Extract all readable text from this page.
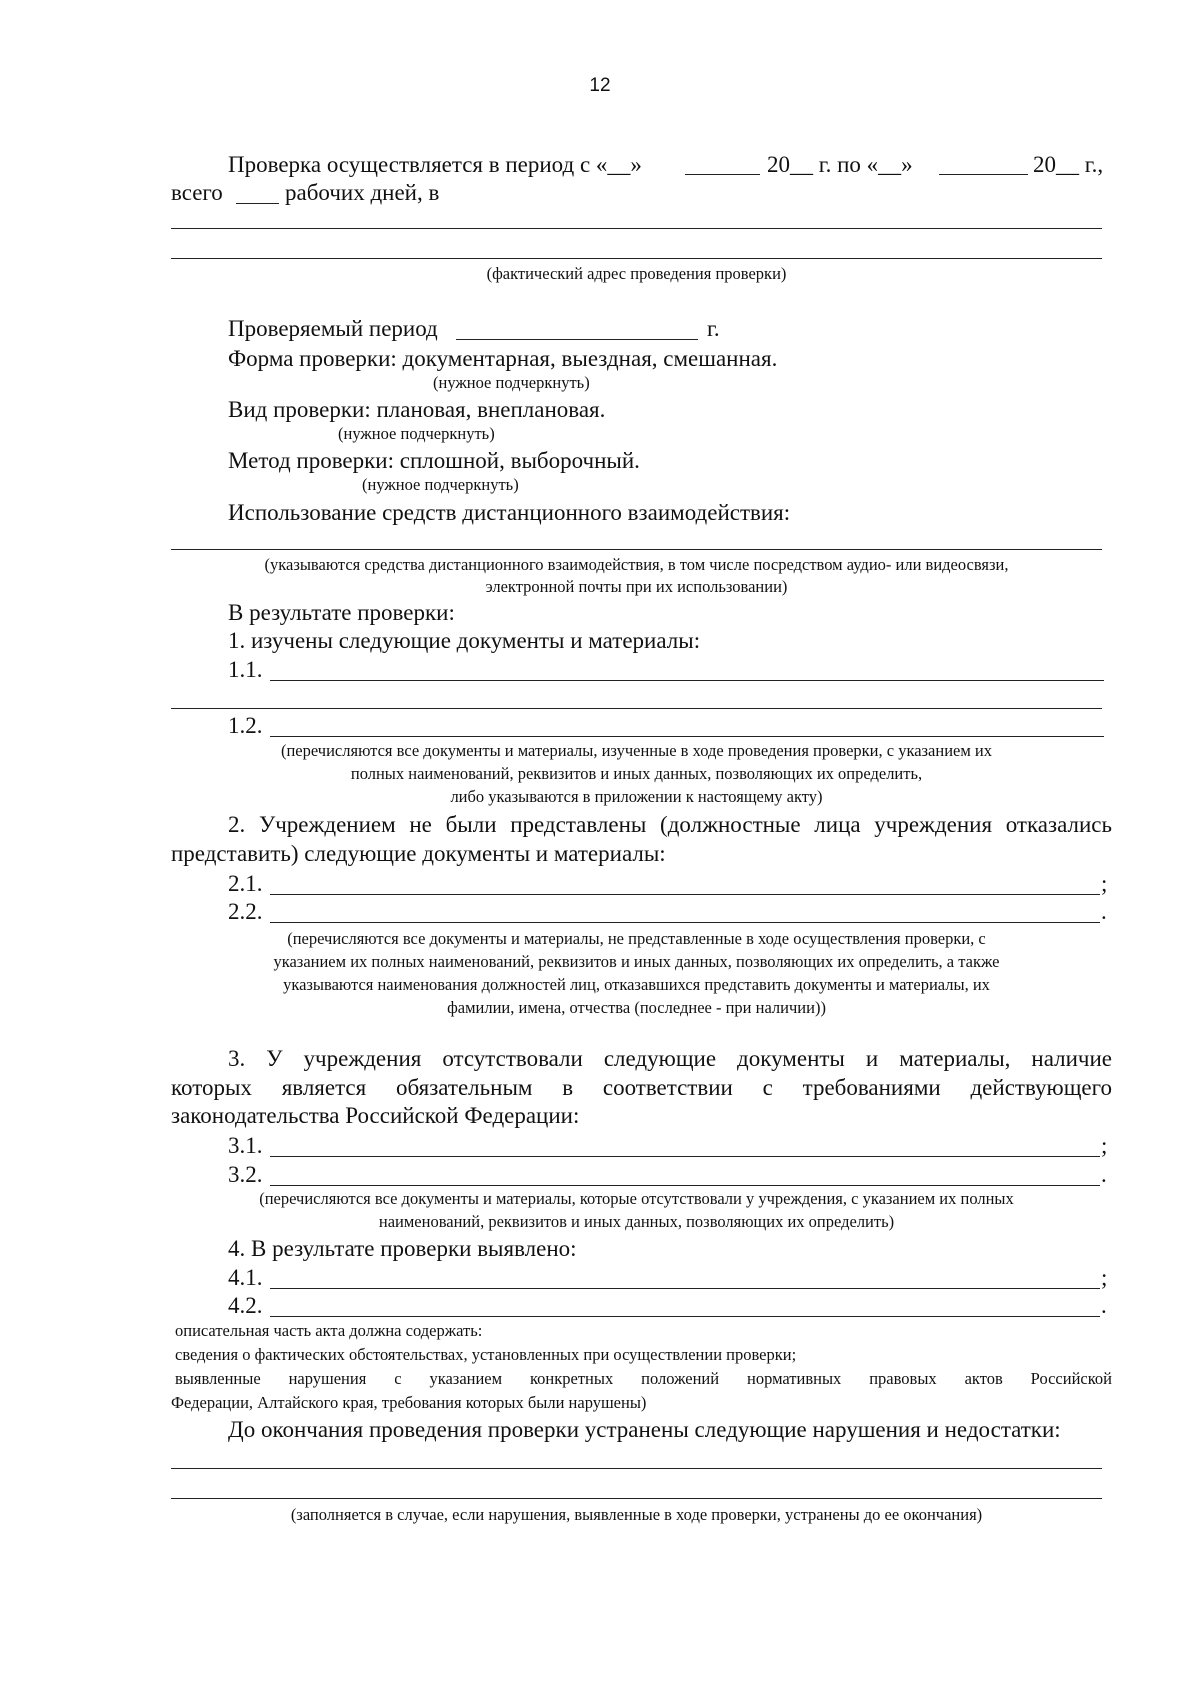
12
Проверка осуществляется в период с «__»	20__ г. по «__»	20__ г.,
всего	рабочих дней, в
(фактический адрес проведения проверки)
Проверяемый период	г.
Форма проверки: документарная, выездная, смешанная.
(нужное подчеркнуть)
Вид проверки: плановая, внеплановая.
(нужное подчеркнуть)
Метод проверки: сплошной, выборочный.
(нужное подчеркнуть)
Использование средств дистанционного взаимодействия:
(указываются средства дистанционного взаимодействия, в том числе посредством аудио- или видеосвязи,
электронной почты при их использовании)
В результате проверки:
1. изучены следующие документы и материалы:
1.1.
1.2.
(перечисляются все документы и материалы, изученные в ходе проведения проверки, с указанием их
полных наименований, реквизитов и иных данных, позволяющих их определить,
либо указываются в приложении к настоящему акту)
2. Учреждением не были представлены (должностные лица учреждения отказались
представить) следующие документы и материалы:
2.1.	;
2.2.	.
(перечисляются все документы и материалы, не представленные в ходе осуществления проверки, с
указанием их полных наименований, реквизитов и иных данных, позволяющих их определить, а также
указываются наименования должностей лиц, отказавшихся представить документы и материалы, их
фамилии, имена, отчества (последнее - при наличии))
3. У учреждения отсутствовали следующие документы и материалы, наличие
которых является обязательным в соответствии с требованиями действующего
законодательства Российской Федерации:
3.1.	;
3.2.	.
(перечисляются все документы и материалы, которые отсутствовали у учреждения, с указанием их полных
наименований, реквизитов и иных данных, позволяющих их определить)
4. В результате проверки выявлено:
4.1.	;
4.2.	.
описательная часть акта должна содержать:
сведения о фактических обстоятельствах, установленных при осуществлении проверки;
выявленные нарушения с указанием конкретных положений нормативных правовых актов Российской
Федерации, Алтайского края, требования которых были нарушены)
До окончания проведения проверки устранены следующие нарушения и недостатки:
(заполняется в случае, если нарушения, выявленные в ходе проверки, устранены до ее окончания)
